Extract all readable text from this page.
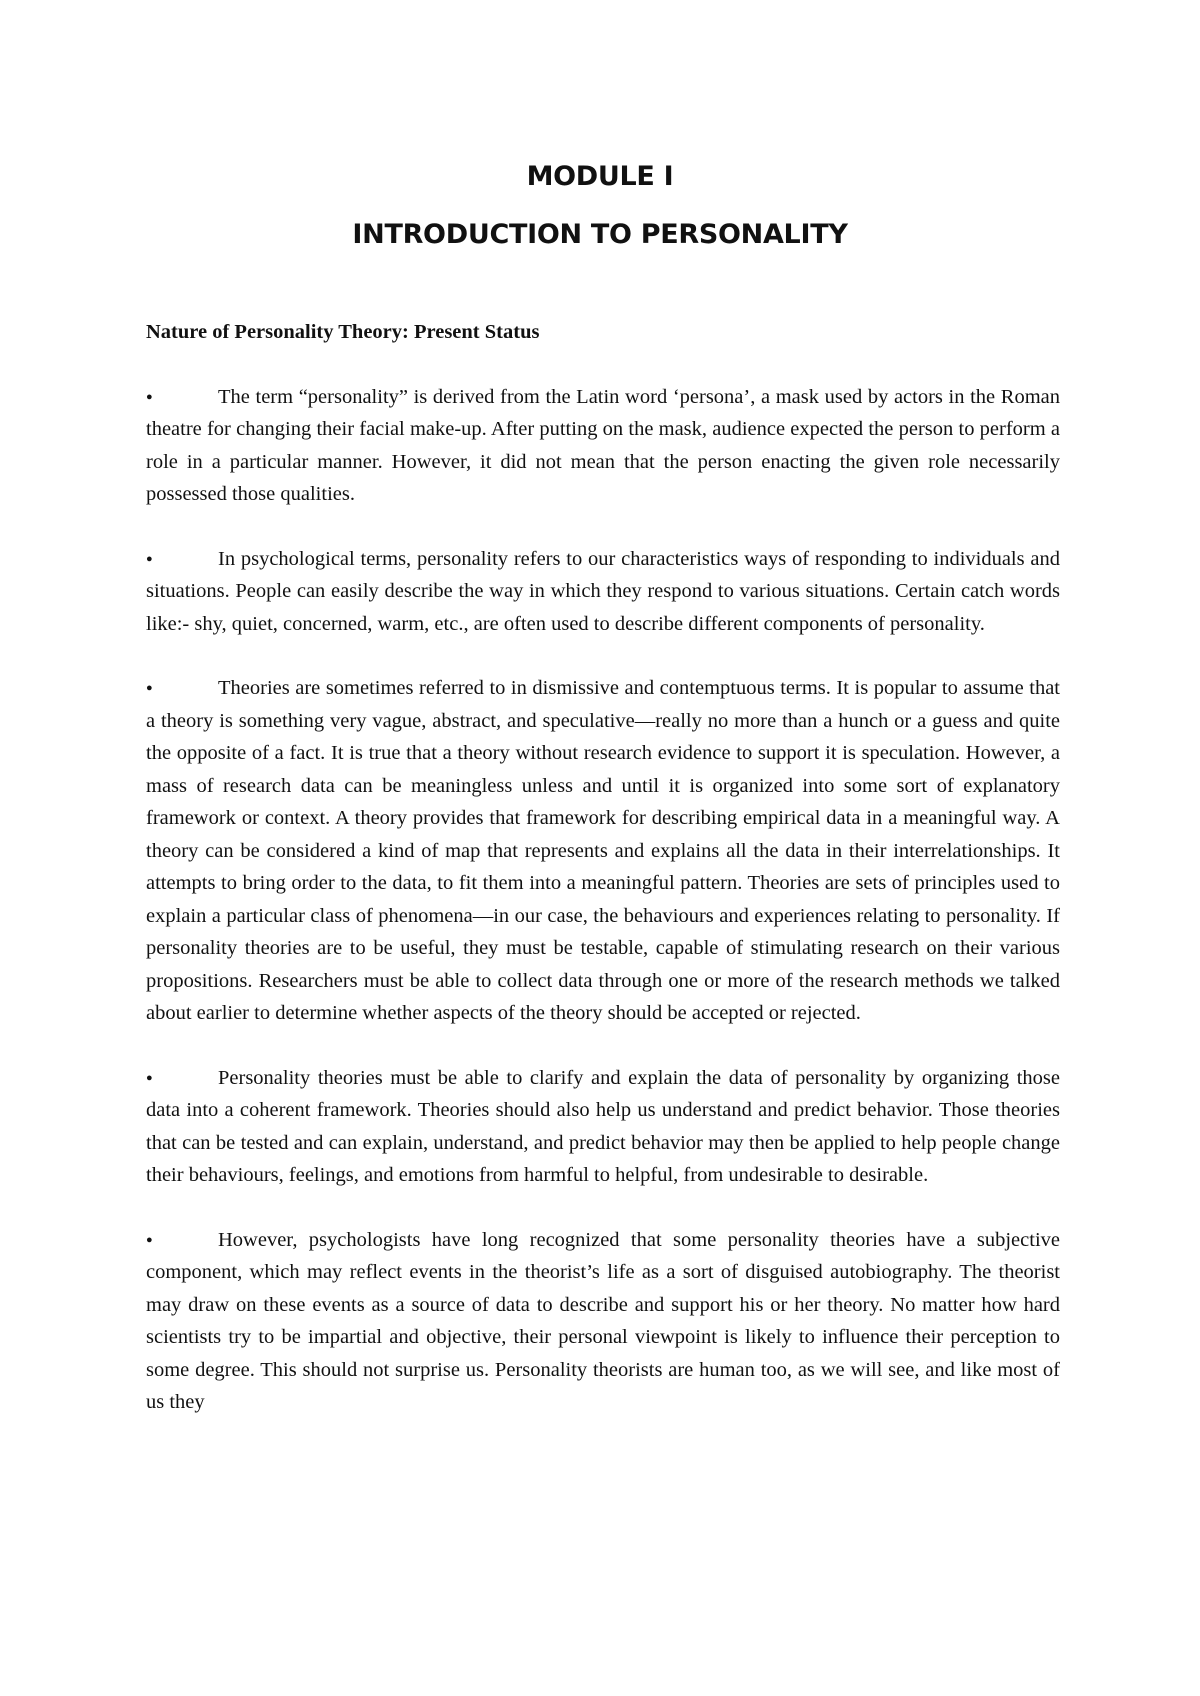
MODULE I
INTRODUCTION TO PERSONALITY

Nature of Personality Theory: Present Status

●	The term “personality” is derived from the Latin word ‘persona’, a mask used by actors in the Roman theatre for changing their facial make-up. After putting on the mask, audience expected the person to perform a role in a particular manner. However, it did not mean that the person enacting the given role necessarily possessed those qualities.

●	In psychological terms, personality refers to our characteristics ways of responding to individuals and situations. People can easily describe the way in which they respond to various situations. Certain catch words like:- shy, quiet, concerned, warm, etc., are often used to describe different components of personality.

●	Theories are sometimes referred to in dismissive and contemptuous terms. It is popular to assume that a theory is something very vague, abstract, and speculative—really no more than a hunch or a guess and quite the opposite of a fact. It is true that a theory without research evidence to support it is speculation. However, a mass of research data can be meaningless unless and until it is organized into some sort of explanatory framework or context. A theory provides that framework for describing empirical data in a meaningful way. A theory can be considered a kind of map that represents and explains all the data in their interrelationships. It attempts to bring order to the data, to fit them into a meaningful pattern. Theories are sets of principles used to explain a particular class of phenomena—in our case, the behaviours and experiences relating to personality. If personality theories are to be useful, they must be testable, capable of stimulating research on their various propositions. Researchers must be able to collect data through one or more of the research methods we talked about earlier to determine whether aspects of the theory should be accepted or rejected.

●	Personality theories must be able to clarify and explain the data of personality by organizing those data into a coherent framework. Theories should also help us understand and predict behavior. Those theories that can be tested and can explain, understand, and predict behavior may then be applied to help people change their behaviours, feelings, and emotions from harmful to helpful, from undesirable to desirable.

●	However, psychologists have long recognized that some personality theories have a subjective component, which may reflect events in the theorist’s life as a sort of disguised autobiography. The theorist may draw on these events as a source of data to describe and support his or her theory. No matter how hard scientists try to be impartial and objective, their personal viewpoint is likely to influence their perception to some degree. This should not surprise us. Personality theorists are human too, as we will see, and like most of us they
